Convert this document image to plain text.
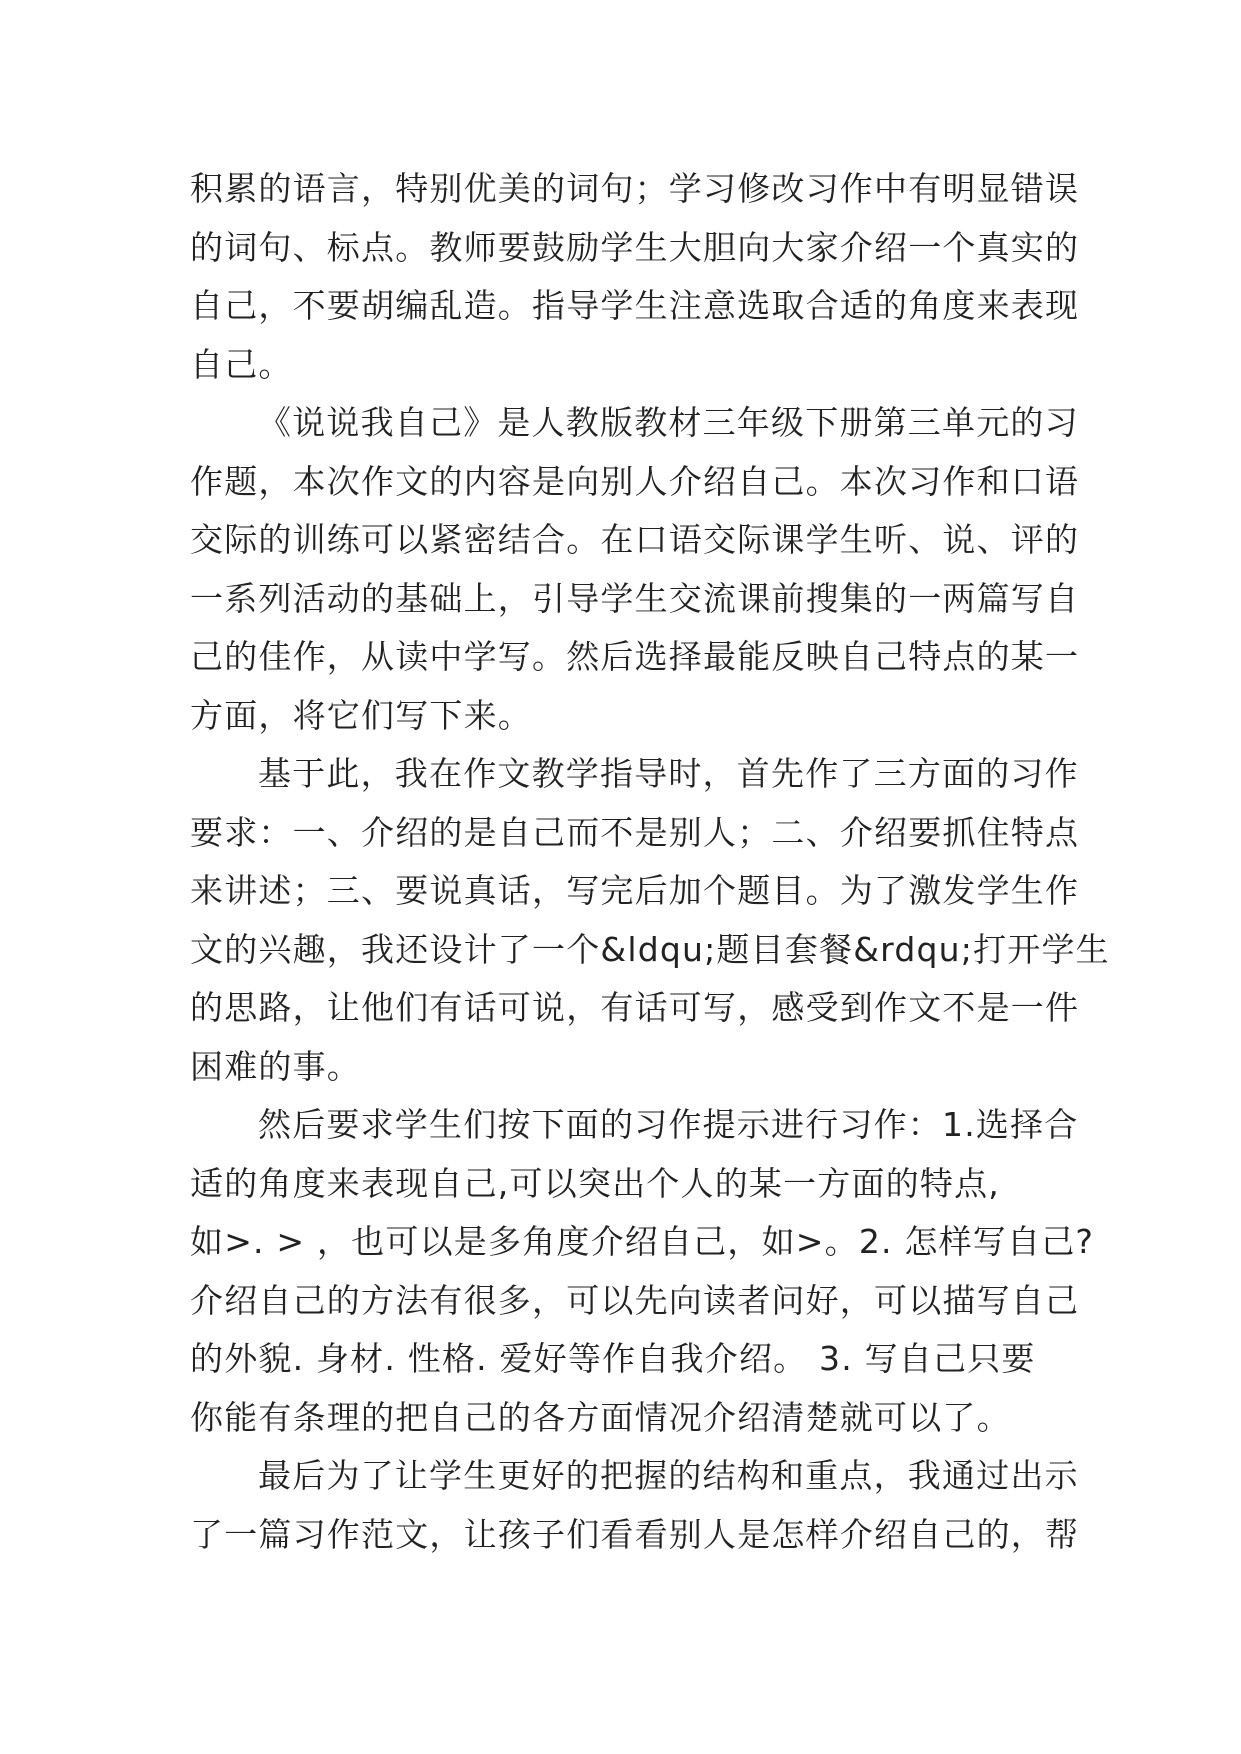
积累的语言，特别优美的词句；学习修改习作中有明显错误
的词句、标点。教师要鼓励学生大胆向大家介绍一个真实的
自己，不要胡编乱造。指导学生注意选取合适的角度来表现
自己。
《说说我自己》是人教版教材三年级下册第三单元的习
作题，本次作文的内容是向别人介绍自己。本次习作和口语
交际的训练可以紧密结合。在口语交际课学生听、说、评的
一系列活动的基础上，引导学生交流课前搜集的一两篇写自
己的佳作，从读中学写。然后选择最能反映自己特点的某一
方面，将它们写下来。
基于此，我在作文教学指导时，首先作了三方面的习作
要求：一、介绍的是自己而不是别人；二、介绍要抓住特点
来讲述；三、要说真话，写完后加个题目。为了激发学生作
文的兴趣，我还设计了一个&ldqu;题目套餐&rdqu;打开学生
的思路，让他们有话可说，有话可写，感受到作文不是一件
困难的事。
然后要求学生们按下面的习作提示进行习作：1.选择合
适的角度来表现自己,可以突出个人的某一方面的特点,
如>. > ，也可以是多角度介绍自己，如>。2. 怎样写自己?
介绍自己的方法有很多，可以先向读者问好，可以描写自己
的外貌. 身材. 性格. 爱好等作自我介绍。 3. 写自己只要
你能有条理的把自己的各方面情况介绍清楚就可以了。
最后为了让学生更好的把握的结构和重点，我通过出示
了一篇习作范文，让孩子们看看别人是怎样介绍自己的，帮
